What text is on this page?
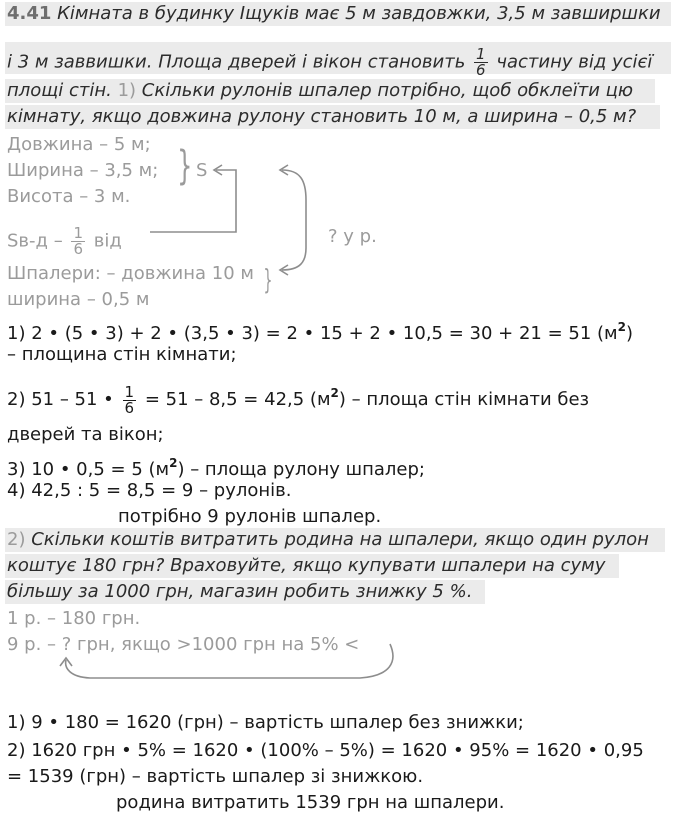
4.41 Кімната в будинку Іщуків має 5 м завдовжки, 3,5 м завширшки
і 3 м заввишки. Площа дверей і вікон становить $\frac{1}{6}$ частину від усієї
площі стін. 1) Скільки рулонів шпалер потрібно, щоб обклеїти цю
кімнату, якщо довжина рулону становить 10 м, а ширина – 0,5 м?
Довжина – 5 м;
Ширина – 3,5 м;
Висота – 3 м.
S
}
$Sв-д - \frac{1}{6}$ від	? у р.
Шпалери: – довжина 10 м
ширина – 0,5 м
}
1) 2 • (5 • 3) + 2 • (3,5 • 3) = 2 • 15 + 2 • 10,5 = 30 + 21 = 51 $(м^2)$
– площина стін кімнати;
2) 51 – 51 • $\frac{1}{6} = 51 - 8,5 = 42,5$ $(м^2)$ – площа стін кімнати без
дверей та вікон;
3) 10 • 0,5 = 5 $(м^2)$ – площа рулону шпалер;
4) 42,5 : 5 = 8,5 = 9 – рулонів.
потрібно 9 рулонів шпалер.
2) Скільки коштів витратить родина на шпалери, якщо один рулон
коштує 180 грн? Враховуйте, якщо купувати шпалери на суму
більшу за 1000 грн, магазин робить знижку 5 %.
1 р. – 180 грн.
9 р. – ? грн, якщо >1000 грн на 5% <
1) 9 • 180 = 1620 (грн) – вартість шпалер без знижки;
2) 1620 грн • 5% = 1620 • (100% – 5%) = 1620 • 95% = 1620 • 0,95
= 1539 (грн) – вартість шпалер зі знижкою.
родина витратить 1539 грн на шпалери.
